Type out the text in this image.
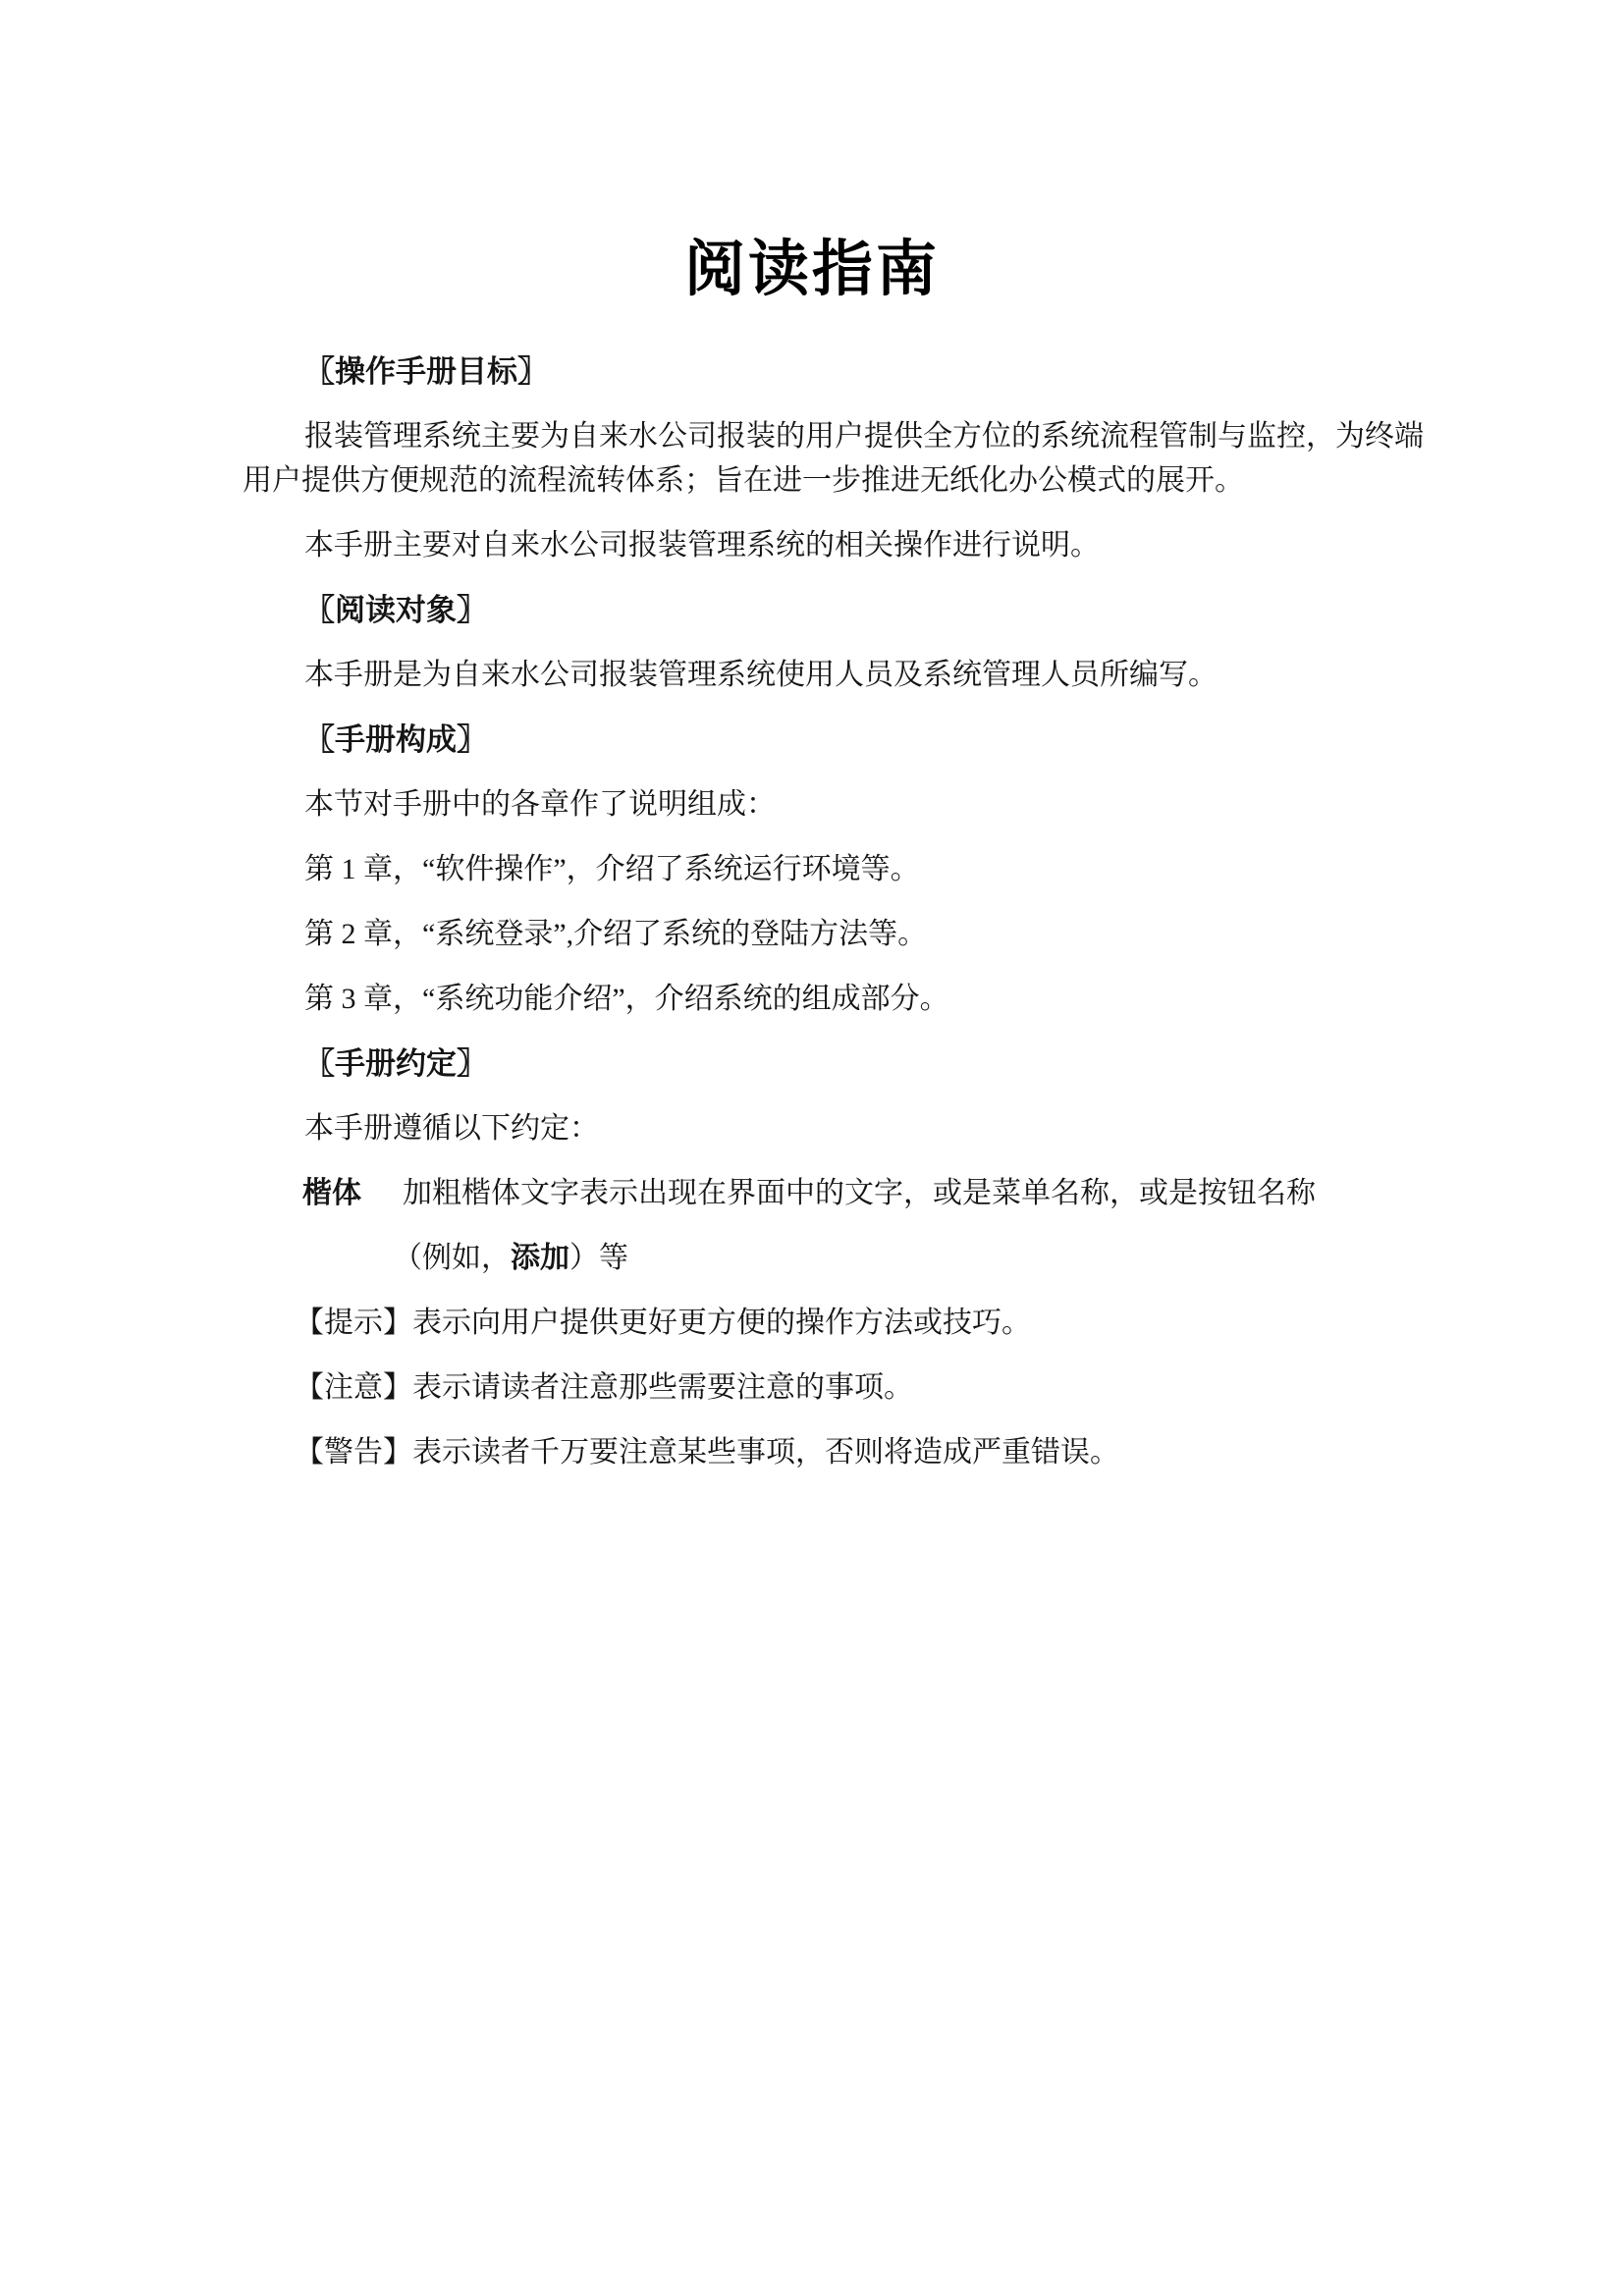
阅读指南
〖操作手册目标〗
报装管理系统主要为自来水公司报装的用户提供全方位的系统流程管制与监控，为终端
用户提供方便规范的流程流转体系；旨在进一步推进无纸化办公模式的展开。
本手册主要对自来水公司报装管理系统的相关操作进行说明。
〖阅读对象〗
本手册是为自来水公司报装管理系统使用人员及系统管理人员所编写。
〖手册构成〗
本节对手册中的各章作了说明组成：
第 1 章，“软件操作”，介绍了系统运行环境等。
第 2 章，“系统登录”,介绍了系统的登陆方法等。
第 3 章，“系统功能介绍”，介绍系统的组成部分。
〖手册约定〗
本手册遵循以下约定：
楷体 加粗楷体文字表示出现在界面中的文字，或是菜单名称，或是按钮名称
（例如，添加）等
【提示】表示向用户提供更好更方便的操作方法或技巧。
【注意】表示请读者注意那些需要注意的事项。
【警告】表示读者千万要注意某些事项，否则将造成严重错误。
